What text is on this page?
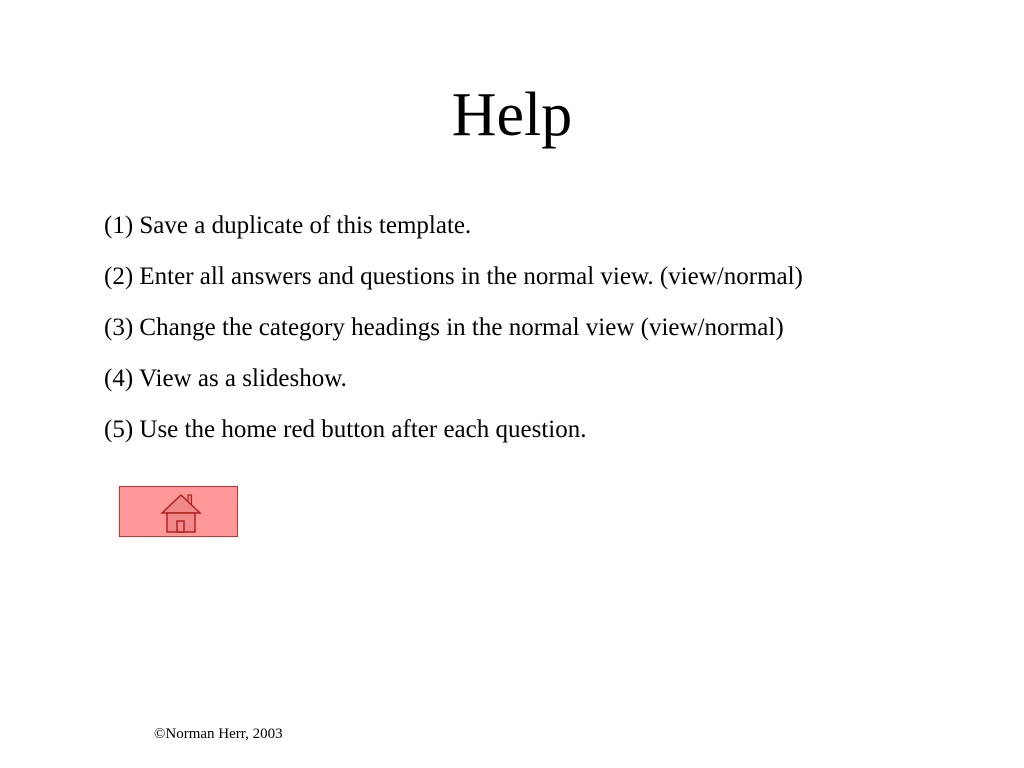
Help
(1) Save a duplicate of this template.
(2) Enter all answers and questions in the normal view. (view/normal)
(3) Change the category headings in the normal view (view/normal)
(4) View as a slideshow.
(5) Use the home red button after each question.
©Norman Herr, 2003
